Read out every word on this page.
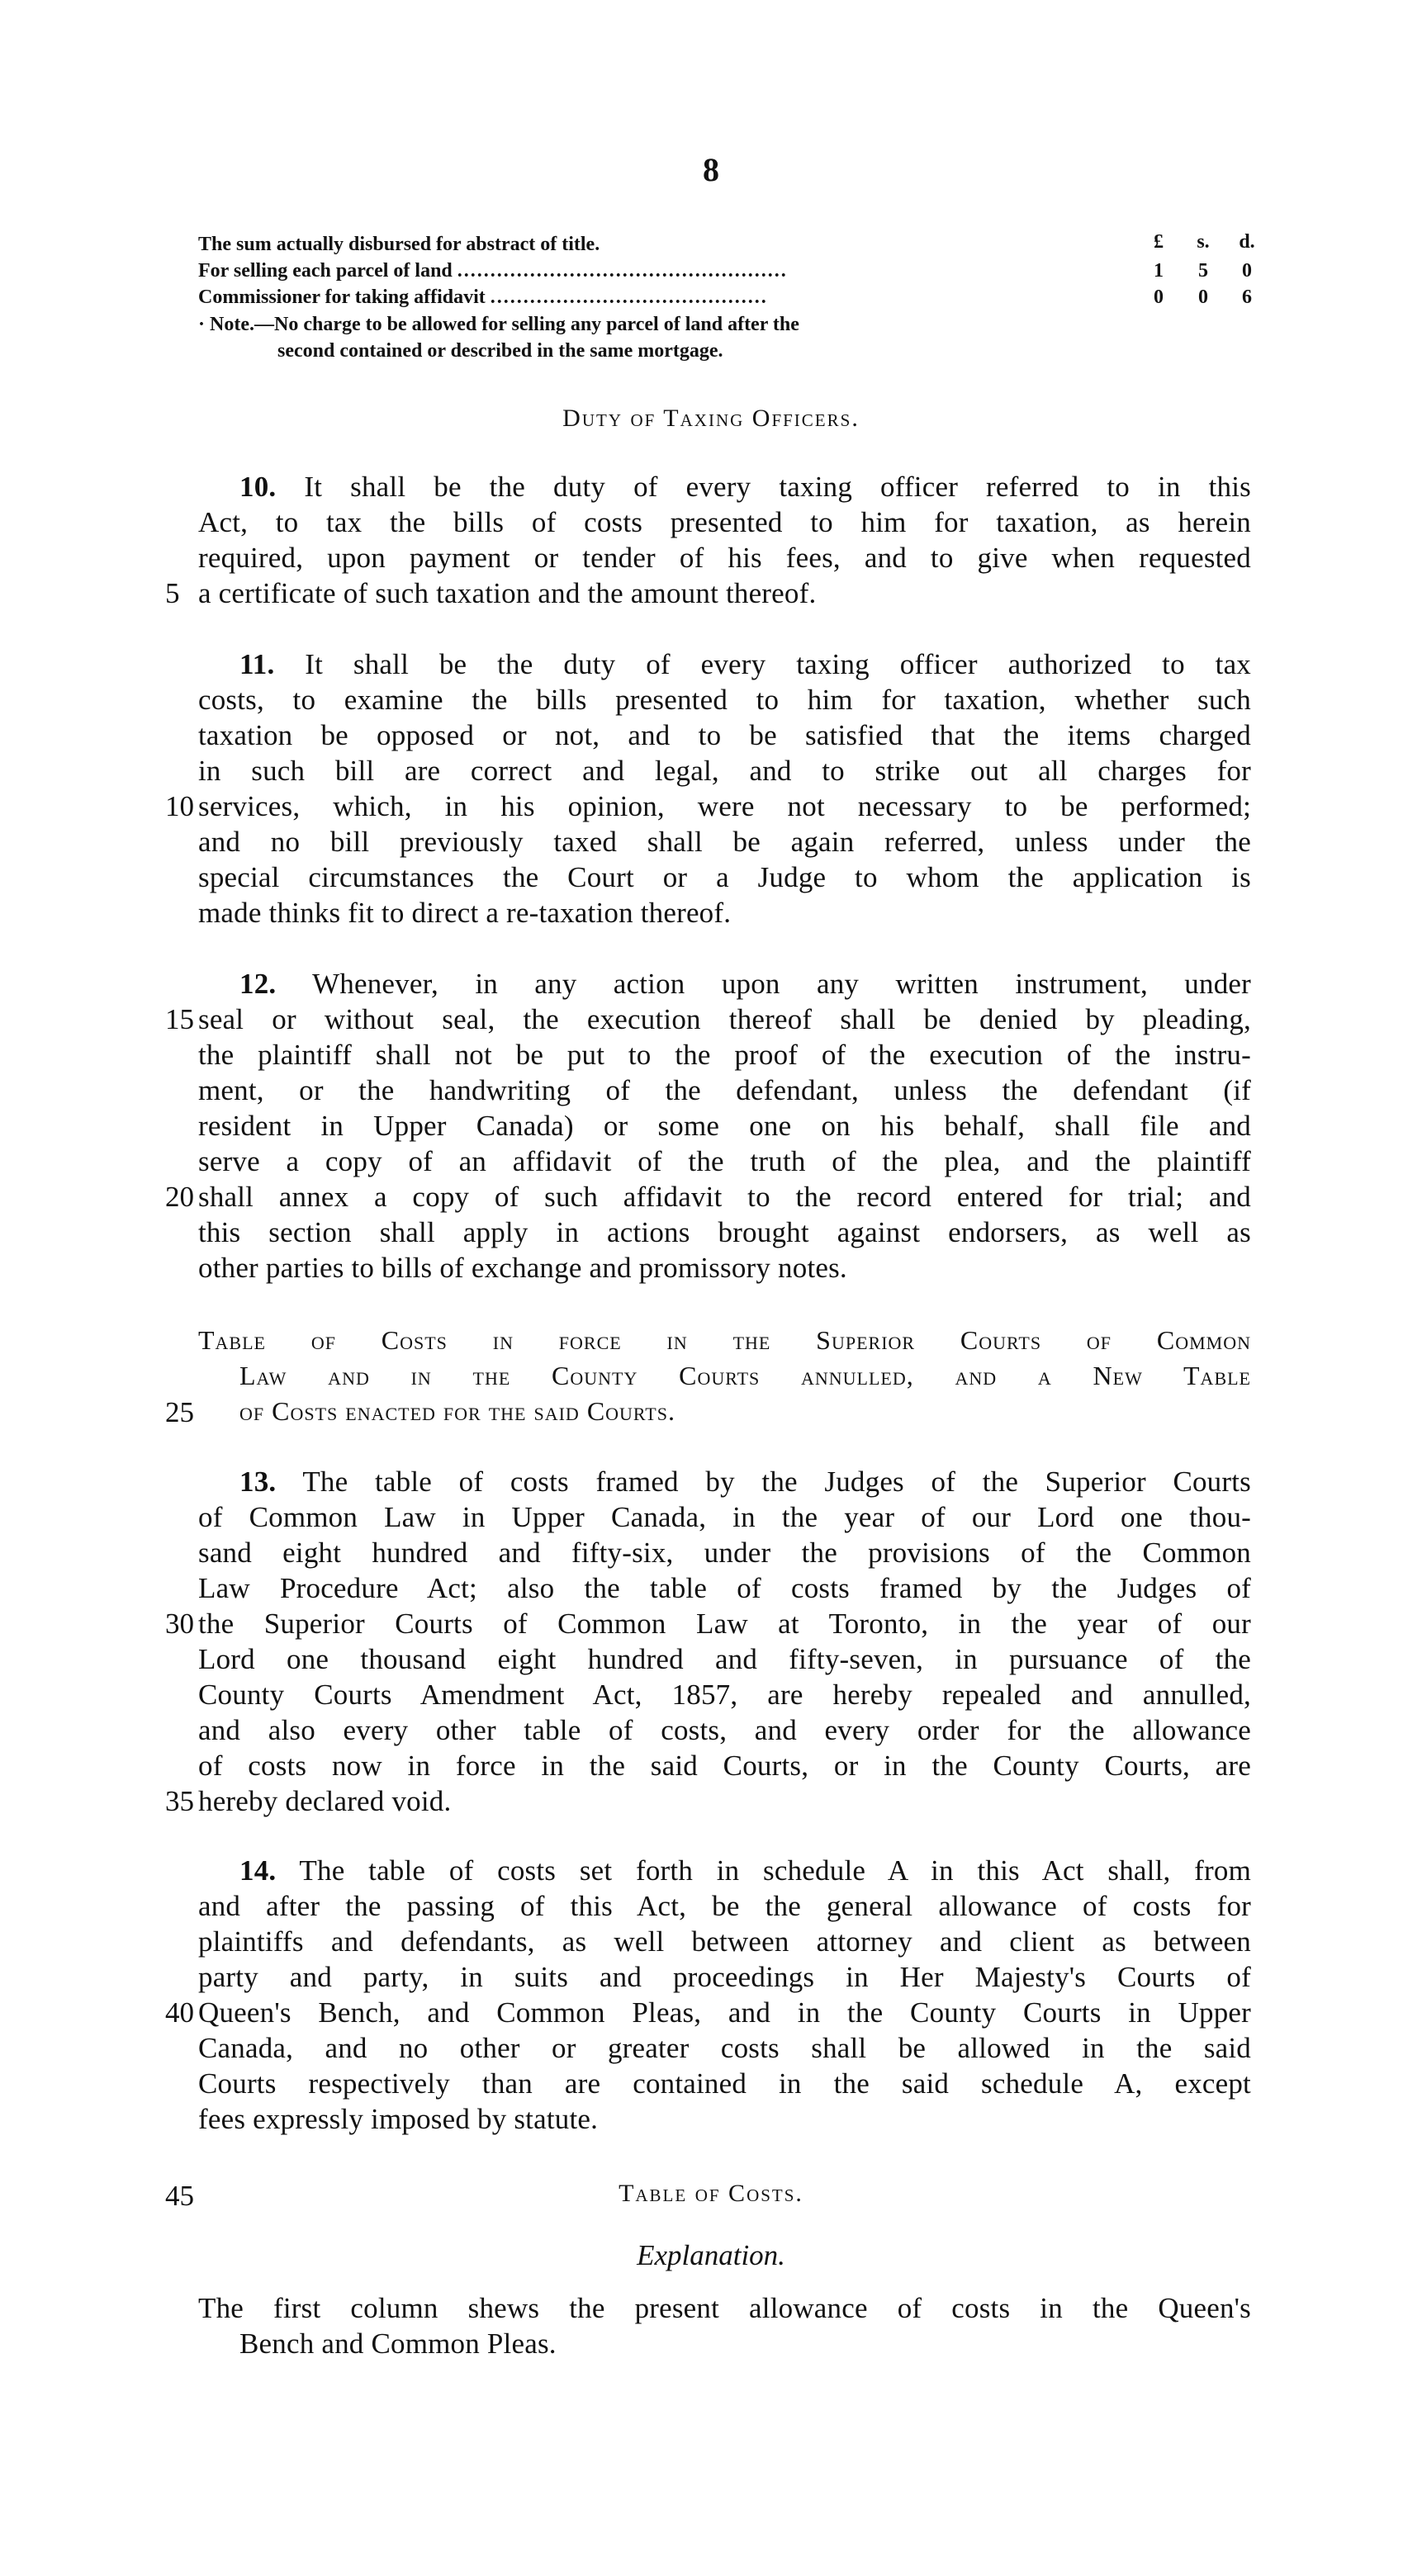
8
£	s.	d.
The sum actually disbursed for abstract of title.
For selling each parcel of land ..................................................	1	5	0
Commissioner for taking affidavit ..........................................	0	0	6
· Note.—No charge to be allowed for selling any parcel of land after the
second contained or described in the same mortgage.
Duty of Taxing Officers.
10. It shall be the duty of every taxing officer referred to in this
Act, to tax the bills of costs presented to him for taxation, as herein
required, upon payment or tender of his fees, and to give when requested
a certificate of such taxation and the amount thereof.
5
11. It shall be the duty of every taxing officer authorized to tax
costs, to examine the bills presented to him for taxation, whether such
taxation be opposed or not, and to be satisfied that the items charged
in such bill are correct and legal, and to strike out all charges for
services, which, in his opinion, were not necessary to be performed;
10
and no bill previously taxed shall be again referred, unless under the
special circumstances the Court or a Judge to whom the application is
made thinks fit to direct a re-taxation thereof.
12. Whenever, in any action upon any written instrument, under
seal or without seal, the execution thereof shall be denied by pleading,
15
the plaintiff shall not be put to the proof of the execution of the instru-
ment, or the handwriting of the defendant, unless the defendant (if
resident in Upper Canada) or some one on his behalf, shall file and
serve a copy of an affidavit of the truth of the plea, and the plaintiff
shall annex a copy of such affidavit to the record entered for trial; and
20
this section shall apply in actions brought against endorsers, as well as
other parties to bills of exchange and promissory notes.
Table of Costs in force in the Superior Courts of Common
Law and in the County Courts annulled, and a New Table
of Costs enacted for the said Courts.
25
13. The table of costs framed by the Judges of the Superior Courts
of Common Law in Upper Canada, in the year of our Lord one thou-
sand eight hundred and fifty-six, under the provisions of the Common
Law Procedure Act; also the table of costs framed by the Judges of
the Superior Courts of Common Law at Toronto, in the year of our
30
Lord one thousand eight hundred and fifty-seven, in pursuance of the
County Courts Amendment Act, 1857, are hereby repealed and annulled,
and also every other table of costs, and every order for the allowance
of costs now in force in the said Courts, or in the County Courts, are
hereby declared void.
35
14. The table of costs set forth in schedule A in this Act shall, from
and after the passing of this Act, be the general allowance of costs for
plaintiffs and defendants, as well between attorney and client as between
party and party, in suits and proceedings in Her Majesty's Courts of
Queen's Bench, and Common Pleas, and in the County Courts in Upper
40
Canada, and no other or greater costs shall be allowed in the said
Courts respectively than are contained in the said schedule A, except
fees expressly imposed by statute.
45	Table of Costs.
Explanation.
The first column shews the present allowance of costs in the Queen's
Bench and Common Pleas.
